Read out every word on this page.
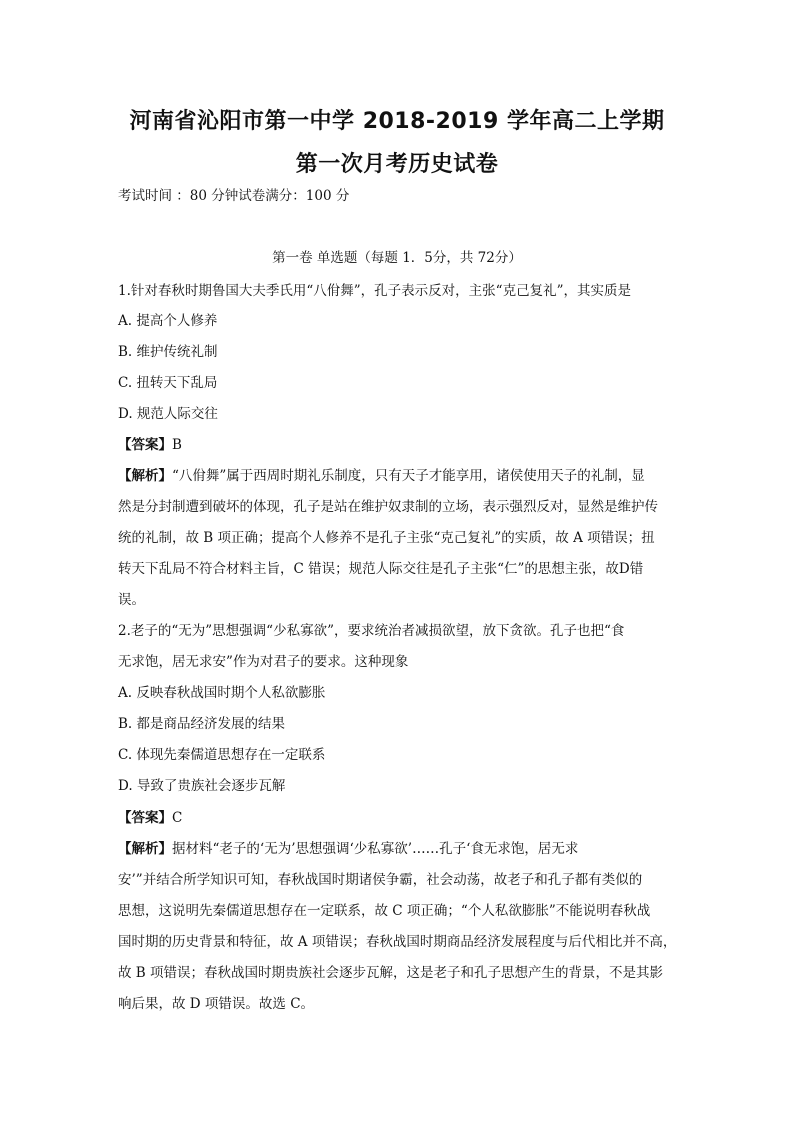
河南省沁阳市第一中学 2018-2019 学年高二上学期
第一次月考历史试卷
考试时间 ：80 分钟试卷满分：100 分
第一卷 单选题（每题 1．5分，共 72分）
1.针对春秋时期鲁国大夫季氏用“八佾舞”，孔子表示反对，主张“克己复礼”，其实质是
A. 提高个人修养
B. 维护传统礼制
C. 扭转天下乱局
D. 规范人际交往
【答案】B
【解析】“八佾舞”属于西周时期礼乐制度，只有天子才能享用，诸侯使用天子的礼制，显
然是分封制遭到破坏的体现，孔子是站在维护奴隶制的立场，表示强烈反对，显然是维护传
统的礼制，故 B 项正确；提高个人修养不是孔子主张“克己复礼”的实质，故 A 项错误；扭
转天下乱局不符合材料主旨，C 错误；规范人际交往是孔子主张“仁”的思想主张，故D错
误。
2.老子的“无为”思想强调“少私寡欲”，要求统治者减损欲望，放下贪欲。孔子也把“食
无求饱，居无求安”作为对君子的要求。这种现象
A. 反映春秋战国时期个人私欲膨胀
B. 都是商品经济发展的结果
C. 体现先秦儒道思想存在一定联系
D. 导致了贵族社会逐步瓦解
【答案】C
【解析】据材料“老子的‘无为’思想强调‘少私寡欲’……孔子‘食无求饱，居无求
安’”并结合所学知识可知，春秋战国时期诸侯争霸，社会动荡，故老子和孔子都有类似的
思想，这说明先秦儒道思想存在一定联系，故 C 项正确；“个人私欲膨胀”不能说明春秋战
国时期的历史背景和特征，故 A 项错误；春秋战国时期商品经济发展程度与后代相比并不高，
故 B 项错误；春秋战国时期贵族社会逐步瓦解，这是老子和孔子思想产生的背景，不是其影
响后果，故 D 项错误。故选 C。
